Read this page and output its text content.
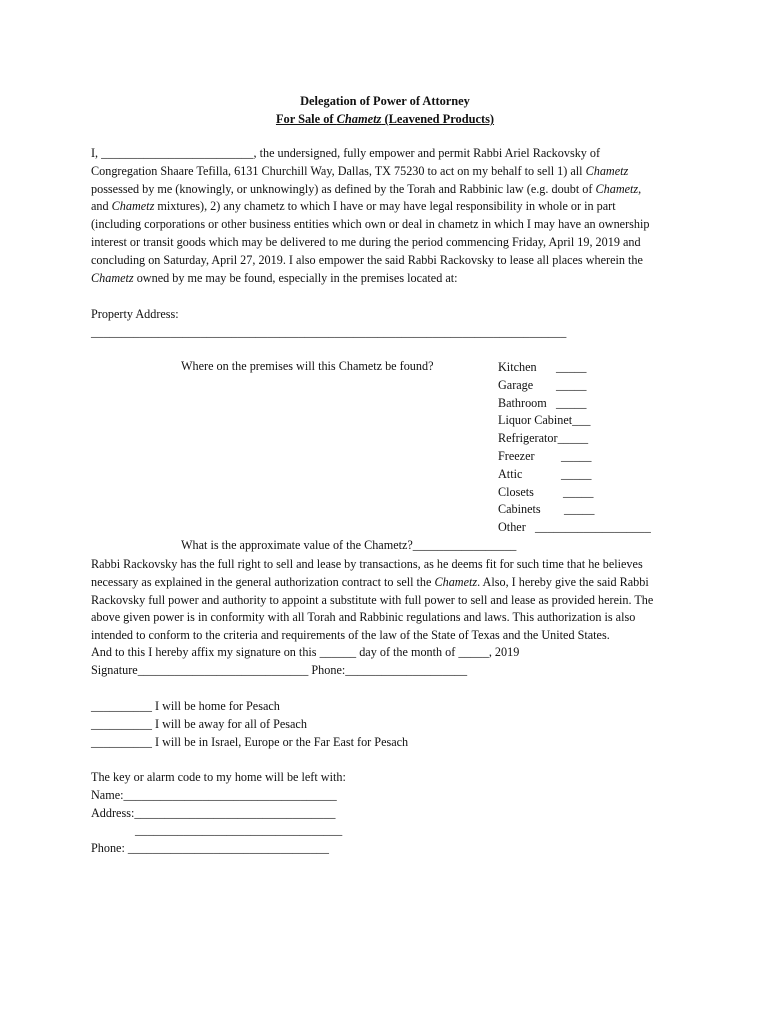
Delegation of Power of Attorney
For Sale of Chametz (Leavened Products)
I, _________________________, the undersigned, fully empower and permit Rabbi Ariel Rackovsky of
Congregation Shaare Tefilla, 6131 Churchill Way, Dallas, TX 75230 to act on my behalf to sell 1) all Chametz
possessed by me (knowingly, or unknowingly) as defined by the Torah and Rabbinic law (e.g. doubt of Chametz,
and Chametz mixtures), 2) any chametz to which I have or may have legal responsibility in whole or in part
(including corporations or other business entities which own or deal in chametz in which I may have an ownership
interest or transit goods which may be delivered to me during the period commencing Friday, April 19, 2019 and
concluding on Saturday, April 27, 2019. I also empower the said Rabbi Rackovsky to lease all places wherein the
Chametz owned by me may be found, especially in the premises located at:
Property Address:
______________________________________________________________________________
Where on the premises will this Chametz be found?	Kitchen _____
Garage _____
Bathroom _____
Liquor Cabinet___
Refrigerator_____
Freezer _____
Attic	_____
Closets _____
Cabinets _____
Other ___________________
What is the approximate value of the Chametz?_________________
Rabbi Rackovsky has the full right to sell and lease by transactions, as he deems fit for such time that he believes
necessary as explained in the general authorization contract to sell the Chametz. Also, I hereby give the said Rabbi
Rackovsky full power and authority to appoint a substitute with full power to sell and lease as provided herein. The
above given power is in conformity with all Torah and Rabbinic regulations and laws. This authorization is also
intended to conform to the criteria and requirements of the law of the State of Texas and the United States.
And to this I hereby affix my signature on this ______ day of the month of _____, 2019
Signature____________________________ Phone:____________________
__________ I will be home for Pesach
__________ I will be away for all of Pesach
__________ I will be in Israel, Europe or the Far East for Pesach
The key or alarm code to my home will be left with:
Name:___________________________________
Address:_________________________________
__________________________________
Phone: _________________________________
